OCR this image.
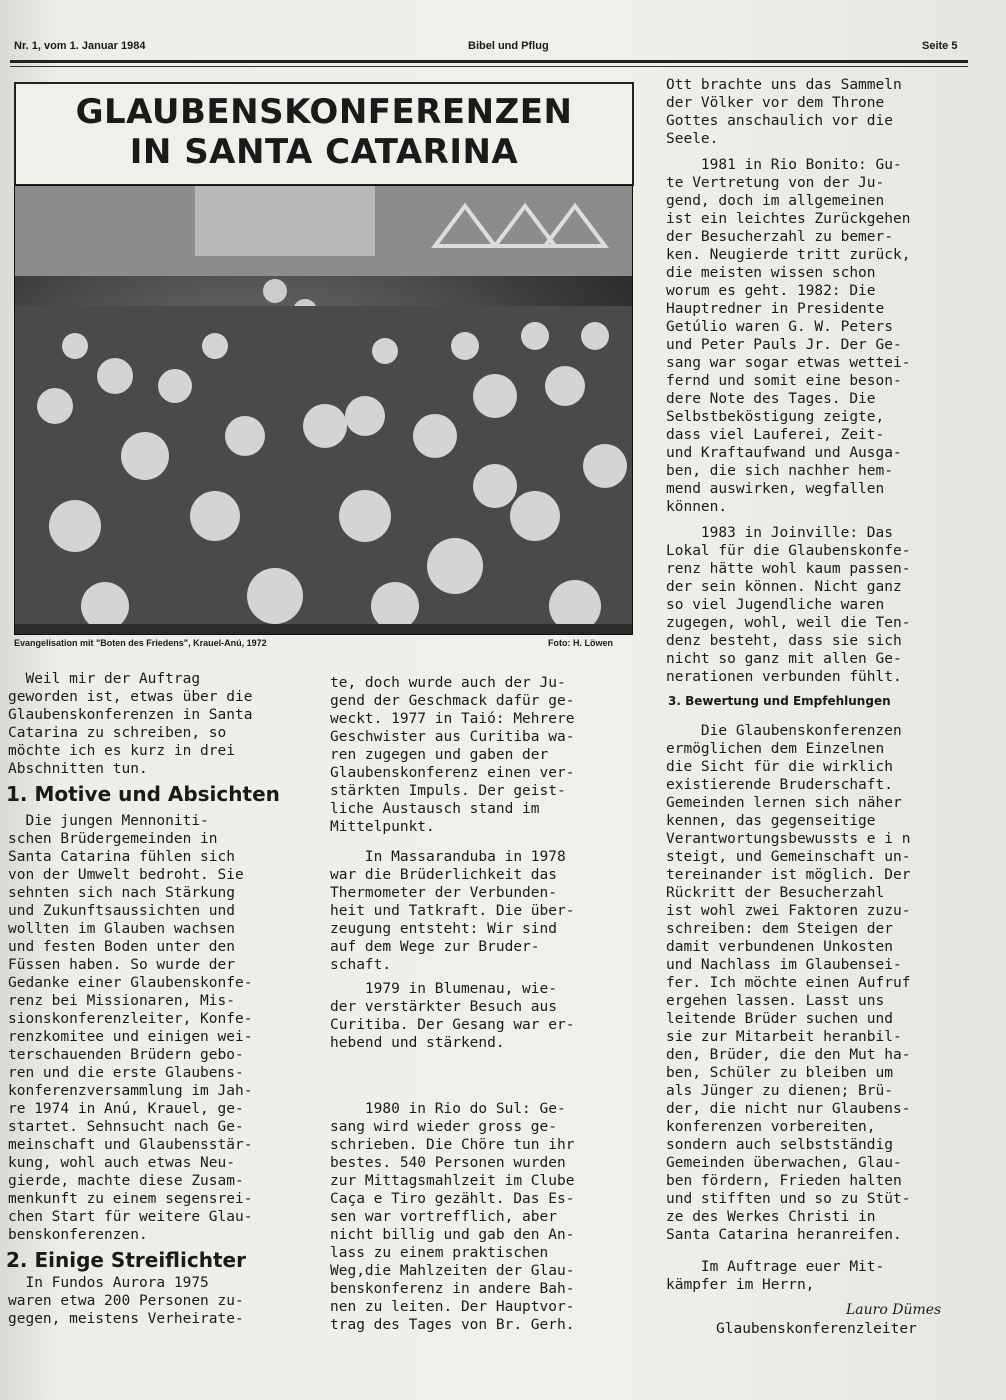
Nr. 1, vom 1. Januar 1984	Bibel und Pflug	Seite 5
GLAUBENSKONFERENZEN
IN SANTA CATARINA
Evangelisation mit "Boten des Friedens", Krauel-Anú, 1972	Foto: H. Löwen
Weil mir der Auftrag
geworden ist, etwas über die
Glaubenskonferenzen in Santa
Catarina zu schreiben, so
möchte ich es kurz in drei
Abschnitten tun.
1. Motive und Absichten
Die jungen Mennoniti-
schen Brüdergemeinden in
Santa Catarina fühlen sich
von der Umwelt bedroht. Sie
sehnten sich nach Stärkung
und Zukunftsaussichten und
wollten im Glauben wachsen
und festen Boden unter den
Füssen haben. So wurde der
Gedanke einer Glaubenskonfe-
renz bei Missionaren, Mis-
sionskonferenzleiter, Konfe-
renzkomitee und einigen wei-
terschauenden Brüdern gebo-
ren und die erste Glaubens-
konferenzversammlung im Jah-
re 1974 in Anú, Krauel, ge-
startet. Sehnsucht nach Ge-
meinschaft und Glaubensstär-
kung, wohl auch etwas Neu-
gierde, machte diese Zusam-
menkunft zu einem segensrei-
chen Start für weitere Glau-
benskonferenzen.
2. Einige Streiflichter
In Fundos Aurora 1975
waren etwa 200 Personen zu-
gegen, meistens Verheirate-
te, doch wurde auch der Ju-
gend der Geschmack dafür ge-
weckt. 1977 in Taió: Mehrere
Geschwister aus Curitiba wa-
ren zugegen und gaben der
Glaubenskonferenz einen ver-
stärkten Impuls. Der geist-
liche Austausch stand im
Mittelpunkt.
In Massaranduba in 1978
war die Brüderlichkeit das
Thermometer der Verbunden-
heit und Tatkraft. Die über-
zeugung entsteht: Wir sind
auf dem Wege zur Bruder-
schaft.
1979 in Blumenau, wie-
der verstärkter Besuch aus
Curitiba. Der Gesang war er-
hebend und stärkend.
1980 in Rio do Sul: Ge-
sang wird wieder gross ge-
schrieben. Die Chöre tun ihr
bestes. 540 Personen wurden
zur Mittagsmahlzeit im Clube
Caça e Tiro gezählt. Das Es-
sen war vortrefflich, aber
nicht billig und gab den An-
lass zu einem praktischen
Weg,die Mahlzeiten der Glau-
benskonferenz in andere Bah-
nen zu leiten. Der Hauptvor-
trag des Tages von Br. Gerh.
Ott brachte uns das Sammeln
der Völker vor dem Throne
Gottes anschaulich vor die
Seele.
1981 in Rio Bonito: Gu-
te Vertretung von der Ju-
gend, doch im allgemeinen
ist ein leichtes Zurückgehen
der Besucherzahl zu bemer-
ken. Neugierde tritt zurück,
die meisten wissen schon
worum es geht. 1982: Die
Hauptredner in Presidente
Getúlio waren G. W. Peters
und Peter Pauls Jr. Der Ge-
sang war sogar etwas wettei-
fernd und somit eine beson-
dere Note des Tages. Die
Selbstbeköstigung zeigte,
dass viel Lauferei, Zeit-
und Kraftaufwand und Ausga-
ben, die sich nachher hem-
mend auswirken, wegfallen
können.
1983 in Joinville: Das
Lokal für die Glaubenskonfe-
renz hätte wohl kaum passen-
der sein können. Nicht ganz
so viel Jugendliche waren
zugegen, wohl, weil die Ten-
denz besteht, dass sie sich
nicht so ganz mit allen Ge-
nerationen verbunden fühlt.
3. Bewertung und Empfehlungen
Die Glaubenskonferenzen
ermöglichen dem Einzelnen
die Sicht für die wirklich
existierende Bruderschaft.
Gemeinden lernen sich näher
kennen, das gegenseitige
Verantwortungsbewussts e i n
steigt, und Gemeinschaft un-
tereinander ist möglich. Der
Rückritt der Besucherzahl
ist wohl zwei Faktoren zuzu-
schreiben: dem Steigen der
damit verbundenen Unkosten
und Nachlass im Glaubensei-
fer. Ich möchte einen Aufruf
ergehen lassen. Lasst uns
leitende Brüder suchen und
sie zur Mitarbeit heranbil-
den, Brüder, die den Mut ha-
ben, Schüler zu bleiben um
als Jünger zu dienen; Brü-
der, die nicht nur Glaubens-
konferenzen vorbereiten,
sondern auch selbstständig
Gemeinden überwachen, Glau-
ben fördern, Frieden halten
und stifften und so zu Stüt-
ze des Werkes Christi in
Santa Catarina heranreifen.
Im Auftrage euer Mit-
kämpfer im Herrn,
Lauro Dümes
Glaubenskonferenzleiter
